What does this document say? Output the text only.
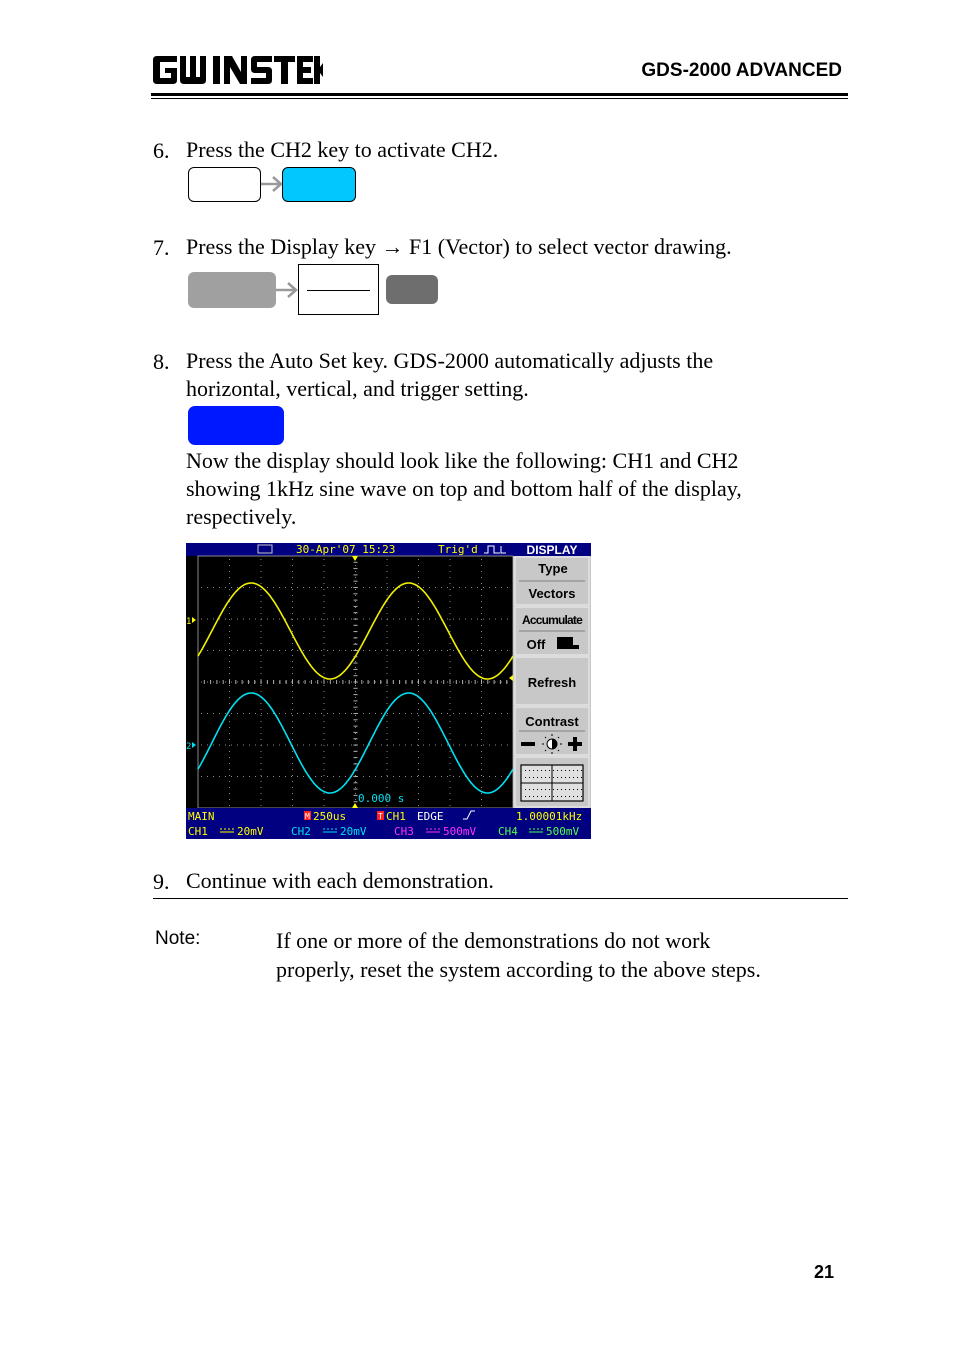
GDS-2000 ADVANCED
6. Press the CH2 key to activate CH2.
7. Press the Display key → F1 (Vector) to select vector drawing.
8. Press the Auto Set key. GDS-2000 automatically adjusts the
horizontal, vertical, and trigger setting.
Now the display should look like the following: CH1 and CH2
showing 1kHz sine wave on top and bottom half of the display,
respectively.
30-Apr'07 15:23	Trig'd
1
2
0.000 s
DISPLAY
Type
Vectors
Accumulate
Off
Refresh
Contrast
MAIN	M 250us	T CH1 EDGE	1.00001kHz
CH1	20mV	CH2	20mV	CH3	500mV CH4	500mV
9. Continue with each demonstration.
Note:	If one or more of the demonstrations do not work
properly, reset the system according to the above steps.
21
